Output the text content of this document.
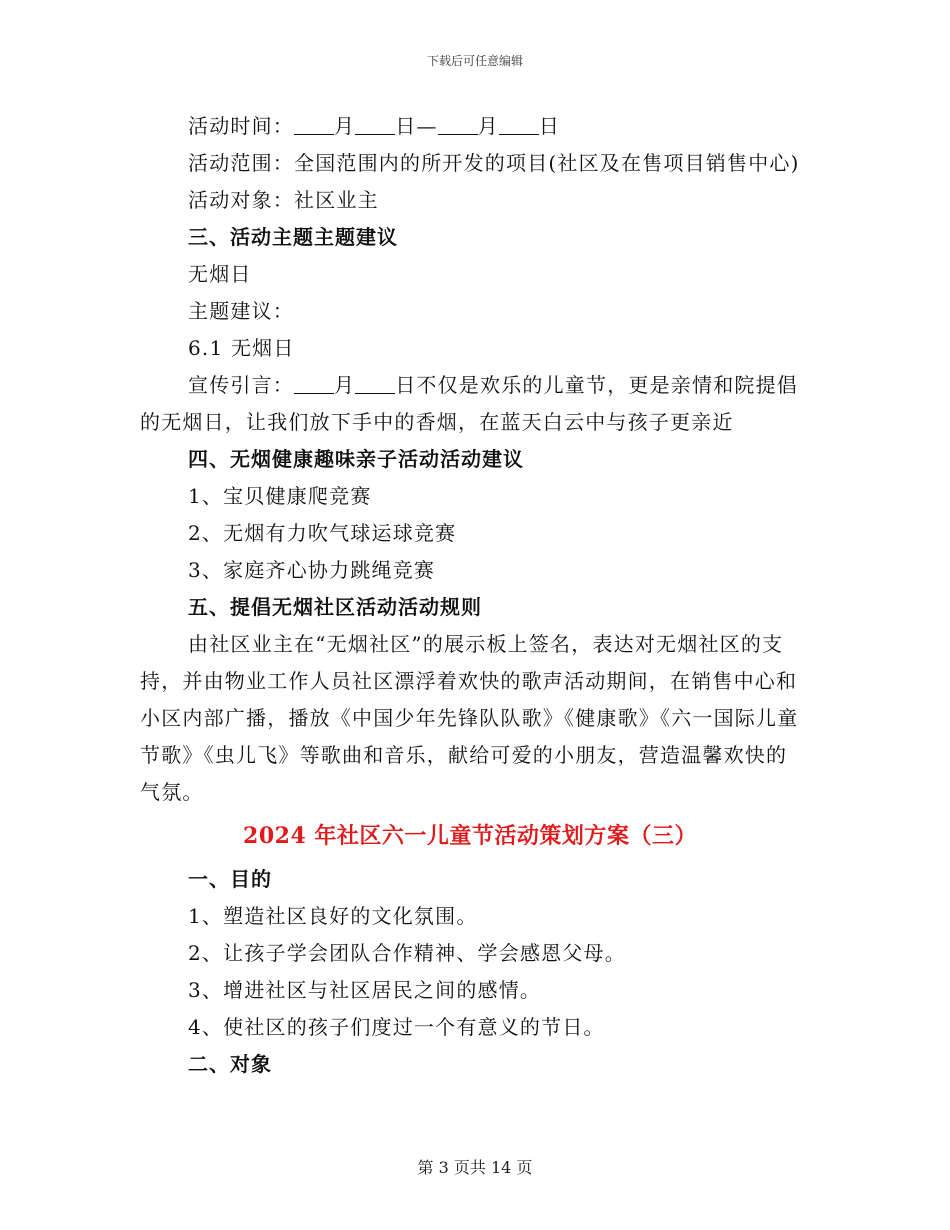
下载后可任意编辑

活动时间： 月 日— 月 日

活动范围：全国范围内的所开发的项目(社区及在售项目销售中心)

活动对象：社区业主

三、活动主题主题建议

无烟日

主题建议：

6.1 无烟日

宣传引言： 月 日不仅是欢乐的儿童节，更是亲情和院提倡的无烟日，让我们放下手中的香烟，在蓝天白云中与孩子更亲近

四、无烟健康趣味亲子活动活动建议

1、宝贝健康爬竞赛

2、无烟有力吹气球运球竞赛

3、家庭齐心协力跳绳竞赛

五、提倡无烟社区活动活动规则

由社区业主在“无烟社区”的展示板上签名，表达对无烟社区的支持，并由物业工作人员社区漂浮着欢快的歌声活动期间，在销售中心和小区内部广播，播放《中国少年先锋队队歌》《健康歌》《六一国际儿童节歌》《虫儿飞》等歌曲和音乐，献给可爱的小朋友，营造温馨欢快的气氛。

2024 年社区六一儿童节活动策划方案（三）

一、目的

1、塑造社区良好的文化氛围。

2、让孩子学会团队合作精神、学会感恩父母。

3、增进社区与社区居民之间的感情。

4、使社区的孩子们度过一个有意义的节日。

二、对象

第 3 页共 14 页
